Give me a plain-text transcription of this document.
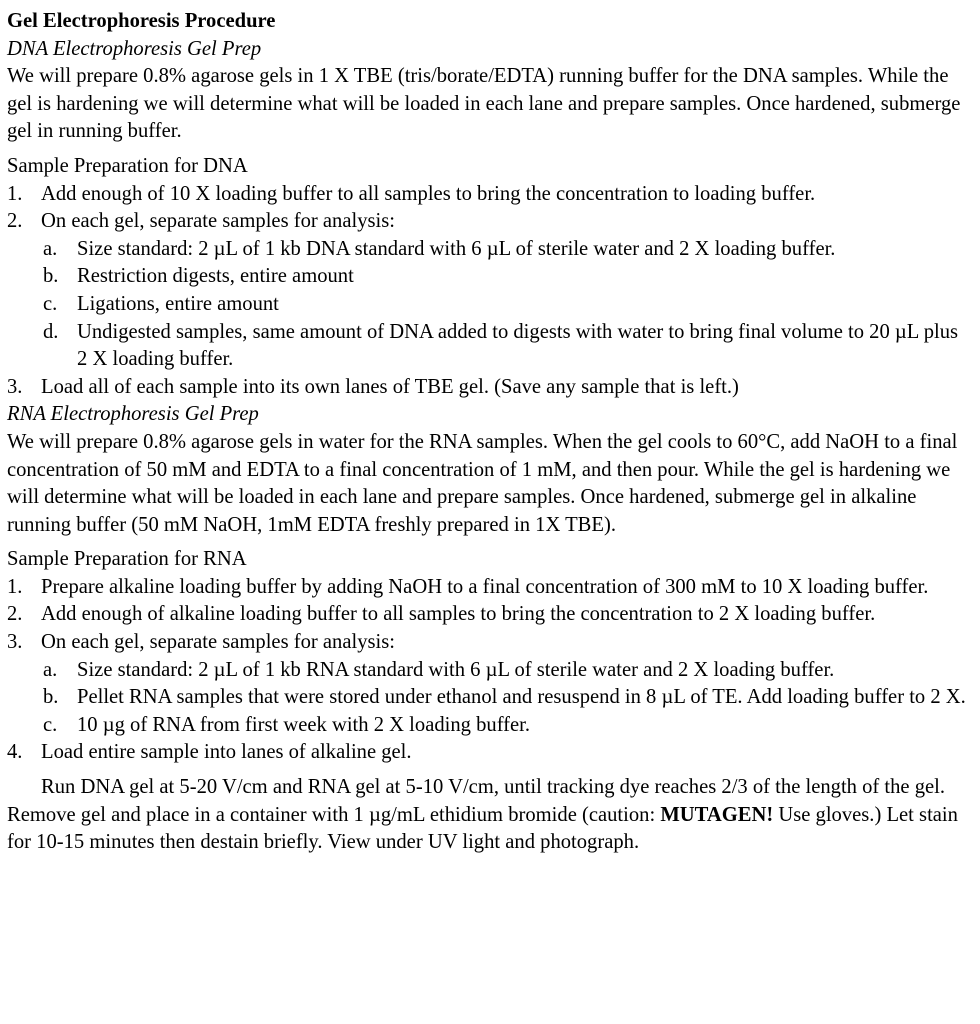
Gel Electrophoresis Procedure

DNA Electrophoresis Gel Prep

We will prepare 0.8% agarose gels in 1 X TBE (tris/borate/EDTA) running buffer for the DNA samples. While the gel is hardening we will determine what will be loaded in each lane and prepare samples. Once hardened, submerge gel in running buffer.

Sample Preparation for DNA

1. Add enough of 10 X loading buffer to all samples to bring the concentration to loading buffer.
2. On each gel, separate samples for analysis:
a. Size standard: 2 µL of 1 kb DNA standard with 6 µL of sterile water and 2 X loading buffer.
b. Restriction digests, entire amount
c. Ligations, entire amount
d. Undigested samples, same amount of DNA added to digests with water to bring final volume to 20 µL plus 2 X loading buffer.
3. Load all of each sample into its own lanes of TBE gel. (Save any sample that is left.)

RNA Electrophoresis Gel Prep

We will prepare 0.8% agarose gels in water for the RNA samples. When the gel cools to 60°C, add NaOH to a final concentration of 50 mM and EDTA to a final concentration of 1 mM, and then pour. While the gel is hardening we will determine what will be loaded in each lane and prepare samples. Once hardened, submerge gel in alkaline running buffer (50 mM NaOH, 1mM EDTA freshly prepared in 1X TBE).

Sample Preparation for RNA

1. Prepare alkaline loading buffer by adding NaOH to a final concentration of 300 mM to 10 X loading buffer.
2. Add enough of alkaline loading buffer to all samples to bring the concentration to 2 X loading buffer.
3. On each gel, separate samples for analysis:
a. Size standard: 2 µL of 1 kb RNA standard with 6 µL of sterile water and 2 X loading buffer.
b. Pellet RNA samples that were stored under ethanol and resuspend in 8 µL of TE. Add loading buffer to 2 X.
c. 10 µg of RNA from first week with 2 X loading buffer.
4. Load entire sample into lanes of alkaline gel.

Run DNA gel at 5-20 V/cm and RNA gel at 5-10 V/cm, until tracking dye reaches 2/3 of the length of the gel. Remove gel and place in a container with 1 µg/mL ethidium bromide (caution: MUTAGEN! Use gloves.) Let stain for 10-15 minutes then destain briefly. View under UV light and photograph.
